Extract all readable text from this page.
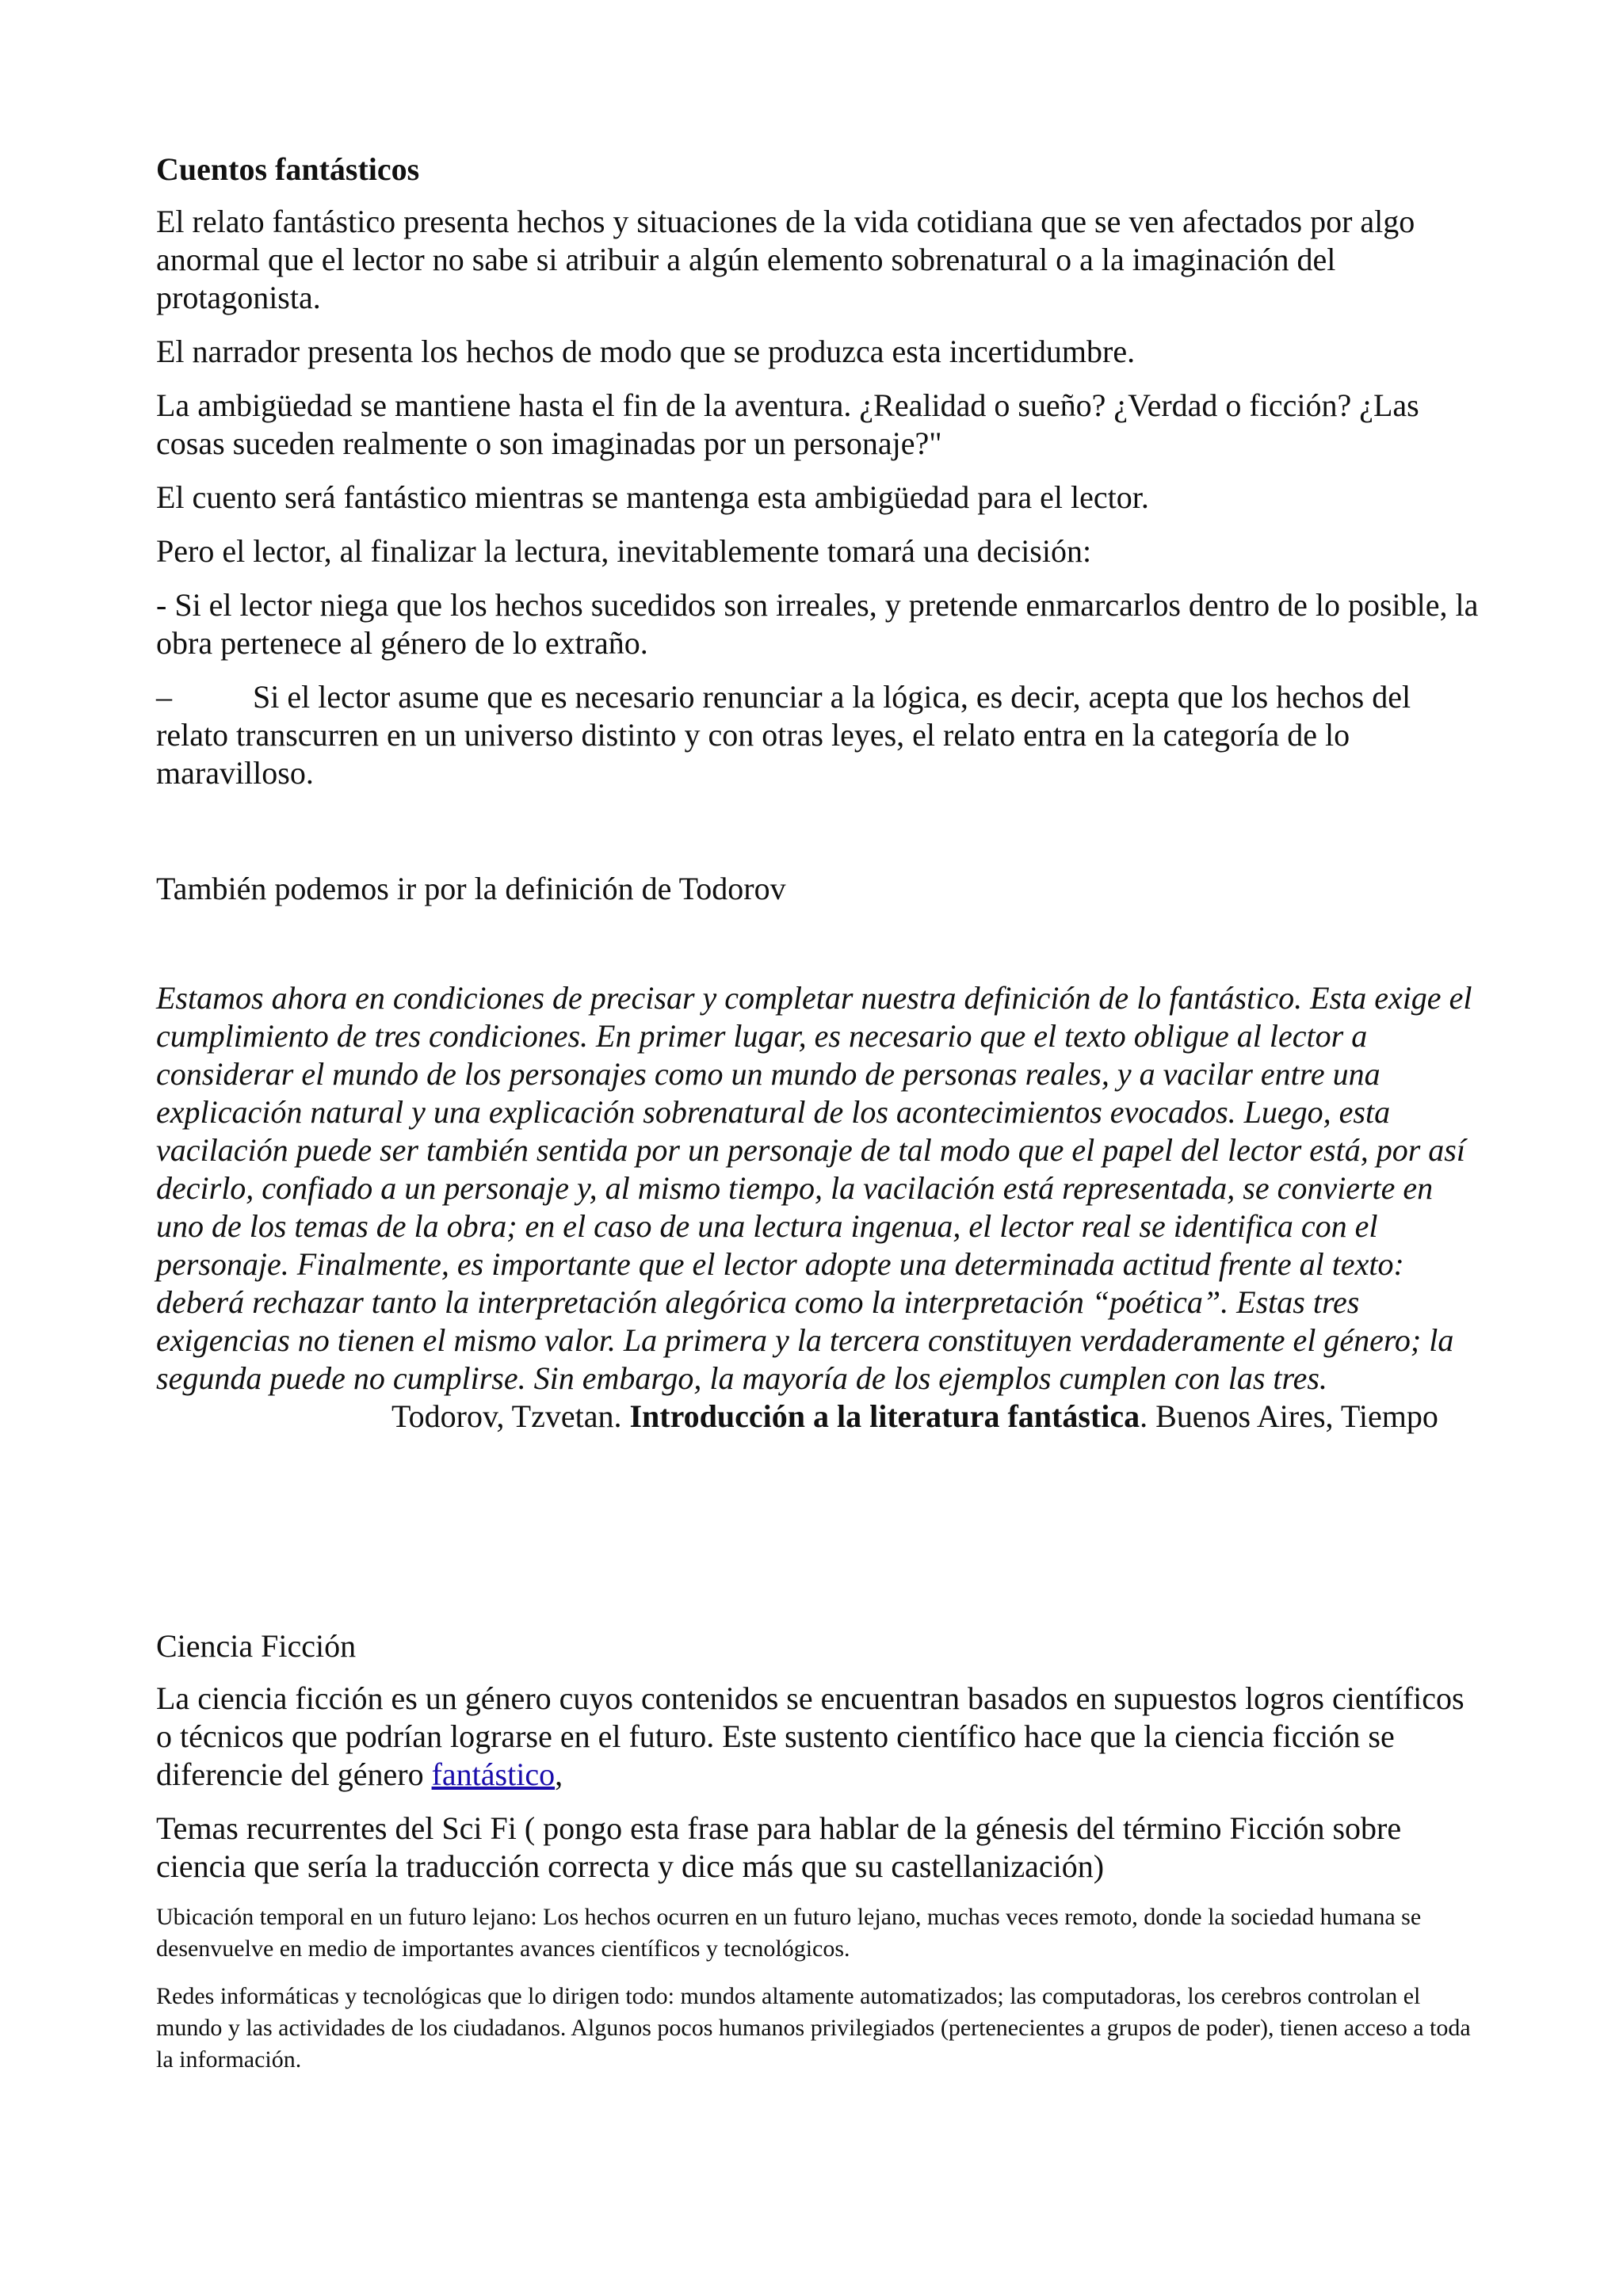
Cuentos fantásticos

El relato fantástico presenta hechos y situaciones de la vida cotidiana que se ven afectados por algo anormal que el lector no sabe si atribuir a algún elemento sobrenatural o a la imaginación del protagonista.

El narrador presenta los hechos de modo que se produzca esta incertidumbre.

La ambigüedad se mantiene hasta el fin de la aventura. ¿Realidad o sueño? ¿Verdad o ficción? ¿Las cosas suceden realmente o son imaginadas por un personaje?"

El cuento será fantástico mientras se mantenga esta ambigüedad para el lector.

Pero el lector, al finalizar la lectura, inevitablemente tomará una decisión:

- Si el lector niega que los hechos sucedidos son irreales, y pretende enmarcarlos dentro de lo posible, la obra pertenece al género de lo extraño.

–	Si el lector asume que es necesario renunciar a la lógica, es decir, acepta que los hechos del relato transcurren en un universo distinto y con otras leyes, el relato entra en la categoría de lo maravilloso.

También podemos ir por la definición de Todorov

Estamos ahora en condiciones de precisar y completar nuestra definición de lo fantástico. Esta exige el cumplimiento de tres condiciones. En primer lugar, es necesario que el texto obligue al lector a considerar el mundo de los personajes como un mundo de personas reales, y a vacilar entre una explicación natural y una explicación sobrenatural de los acontecimientos evocados. Luego, esta vacilación puede ser también sentida por un personaje de tal modo que el papel del lector está, por así decirlo, confiado a un personaje y, al mismo tiempo, la vacilación está representada, se convierte en uno de los temas de la obra; en el caso de una lectura ingenua, el lector real se identifica con el personaje. Finalmente, es importante que el lector adopte una determinada actitud frente al texto: deberá rechazar tanto la interpretación alegórica como la interpretación “poética”. Estas tres exigencias no tienen el mismo valor. La primera y la tercera constituyen verdaderamente el género; la segunda puede no cumplirse. Sin embargo, la mayoría de los ejemplos cumplen con las tres.

Todorov, Tzvetan. Introducción a la literatura fantástica. Buenos Aires, Tiempo

Ciencia Ficción

La ciencia ficción es un género cuyos contenidos se encuentran basados en supuestos logros científicos o técnicos que podrían lograrse en el futuro. Este sustento científico hace que la ciencia ficción se diferencie del género fantástico,

Temas recurrentes del Sci Fi ( pongo esta frase para hablar de la génesis del término Ficción sobre ciencia que sería la traducción correcta y dice más que su castellanización)

Ubicación temporal en un futuro lejano: Los hechos ocurren en un futuro lejano, muchas veces remoto, donde la sociedad humana se desenvuelve en medio de importantes avances científicos y tecnológicos.

Redes informáticas y tecnológicas que lo dirigen todo: mundos altamente automatizados; las computadoras, los cerebros controlan el mundo y las actividades de los ciudadanos. Algunos pocos humanos privilegiados (pertenecientes a grupos de poder), tienen acceso a toda la información.
